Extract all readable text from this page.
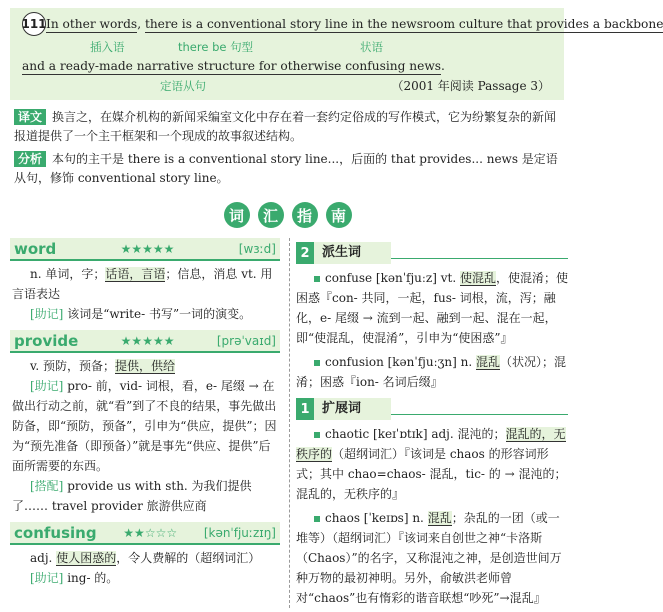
111 In other words, there is a conventional story line in the newsroom culture that provides a backbone
插入语	there be 句型	状语
and a ready-made narrative structure for otherwise confusing news.
定语从句	（2001 年阅读 Passage 3）
译文 换言之，在媒介机构的新闻采编室文化中存在着一套约定俗成的写作模式，它为纷繁复杂的新闻报道提供了一个主干框架和一个现成的故事叙述结构。
分析 本句的主干是 there is a conventional story line...，后面的 that provides... news 是定语从句，修饰 conventional story line。
词	汇	指	南
word	★★★★★	[wɜːd]
n. 单词，字；话语，言语；信息，消息 vt. 用言语表达
[助记] 该词是“write- 书写”一词的演变。
provide	★★★★★	[prəˈvaɪd]
v. 预防，预备；提供，供给
[助记] pro- 前，vid- 词根，看，e- 尾缀 → 在做出行动之前，就“看”到了不良的结果，事先做出防备，即“预防，预备”，引申为“供应，提供”；因为“预先准备（即预备）”就是事先“供应、提供”后面所需要的东西。
[搭配] provide us with sth. 为我们提供了…… travel provider 旅游供应商
confusing ★★☆☆☆ [kənˈfjuːzɪŋ]
adj. 使人困惑的，令人费解的（超纲词汇）
[助记] ing- 的。
2 派生词
confuse [kənˈfjuːz] vt. 使混乱，使混淆；使困惑『con- 共同，一起，fus- 词根，流，泻；融化，e- 尾缀 → 流到一起、融到一起、混在一起，即“使混乱，使混淆”，引申为“使困惑”』
confusion [kənˈfjuːʒn] n. 混乱（状况）；混淆；困惑『ion- 名词后缀』
1 扩展词
chaotic [keɪˈɒtɪk] adj. 混沌的；混乱的，无秩序的（超纲词汇）『该词是 chaos 的形容词形式；其中 chao=chaos- 混乱，tic- 的 → 混沌的；混乱的，无秩序的』
chaos [ˈkeɪɒs] n. 混乱；杂乱的一团（或一堆等）（超纲词汇）『该词来自创世之神“卡洛斯（Chaos）”的名字，又称混沌之神，是创造世间万种万物的最初神明。另外，俞敏洪老师曾对“chaos”也有惰彩的谐音联想“吵死”→混乱』
